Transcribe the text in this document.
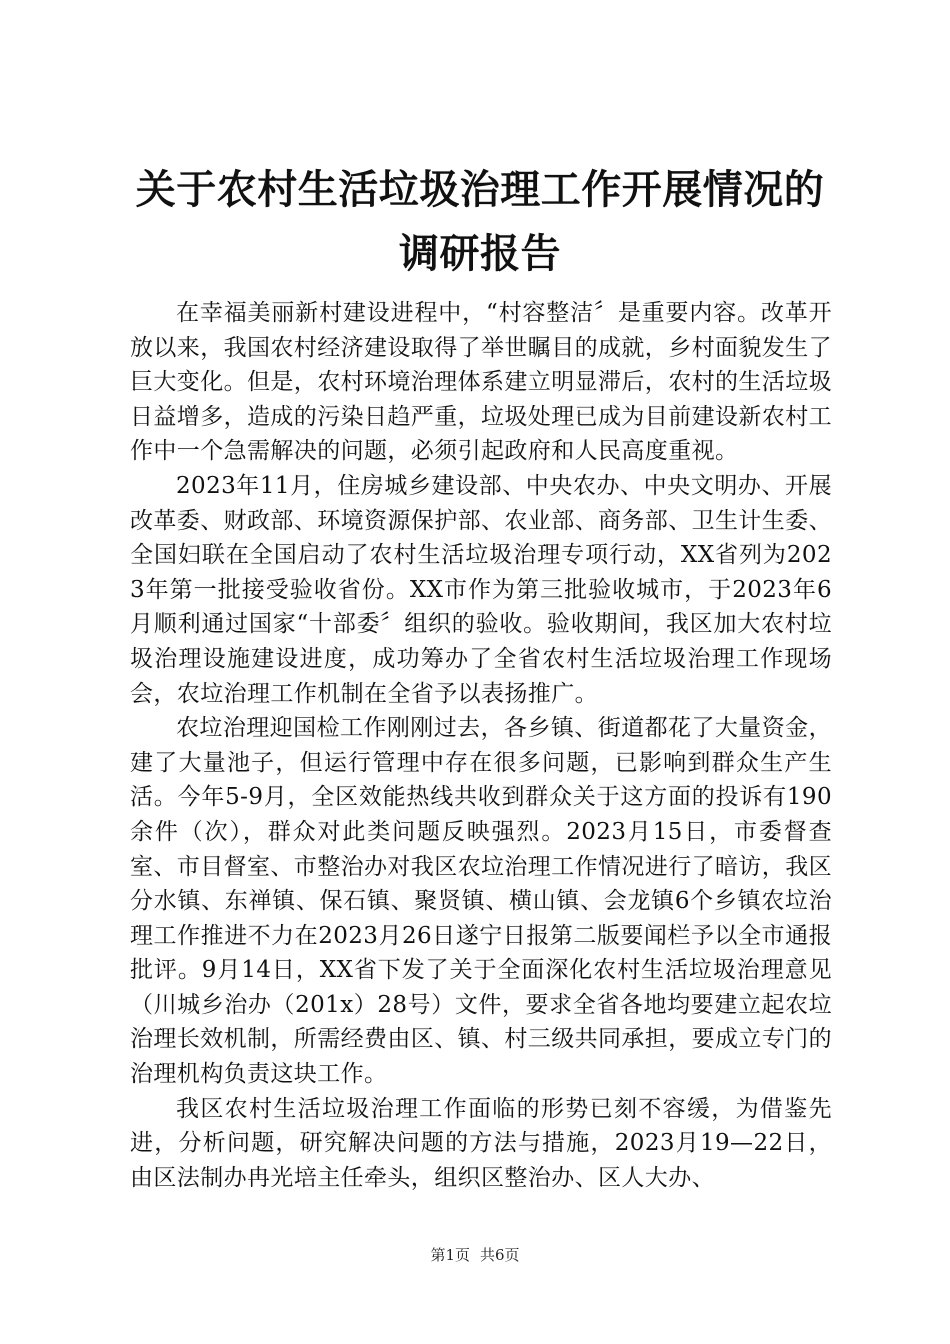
关于农村生活垃圾治理工作开展情况的调研报告

在幸福美丽新村建设进程中，“村容整洁〞是重要内容。改革开放以来，我国农村经济建设取得了举世瞩目的成就，乡村面貌发生了巨大变化。但是，农村环境治理体系建立明显滞后，农村的生活垃圾日益增多，造成的污染日趋严重，垃圾处理已成为目前建设新农村工作中一个急需解决的问题，必须引起政府和人民高度重视。

2023年11月，住房城乡建设部、中央农办、中央文明办、开展改革委、财政部、环境资源保护部、农业部、商务部、卫生计生委、全国妇联在全国启动了农村生活垃圾治理专项行动，XX省列为2023年第一批接受验收省份。XX市作为第三批验收城市，于2023年6月顺利通过国家“十部委〞组织的验收。验收期间，我区加大农村垃圾治理设施建设进度，成功筹办了全省农村生活垃圾治理工作现场会，农垃治理工作机制在全省予以表扬推广。

农垃治理迎国检工作刚刚过去，各乡镇、街道都花了大量资金，建了大量池子，但运行管理中存在很多问题，已影响到群众生产生活。今年5-9月，全区效能热线共收到群众关于这方面的投诉有190余件（次），群众对此类问题反映强烈。2023月15日，市委督查室、市目督室、市整治办对我区农垃治理工作情况进行了暗访，我区分水镇、东禅镇、保石镇、聚贤镇、横山镇、会龙镇6个乡镇农垃治理工作推进不力在2023月26日遂宁日报第二版要闻栏予以全市通报批评。9月14日，XX省下发了关于全面深化农村生活垃圾治理意见（川城乡治办（201x）28号）文件，要求全省各地均要建立起农垃治理长效机制，所需经费由区、镇、村三级共同承担，要成立专门的治理机构负责这块工作。

我区农村生活垃圾治理工作面临的形势已刻不容缓，为借鉴先进，分析问题，研究解决问题的方法与措施，2023月19—22日，由区法制办冉光培主任牵头，组织区整治办、区人大办、

第1页 共6页
